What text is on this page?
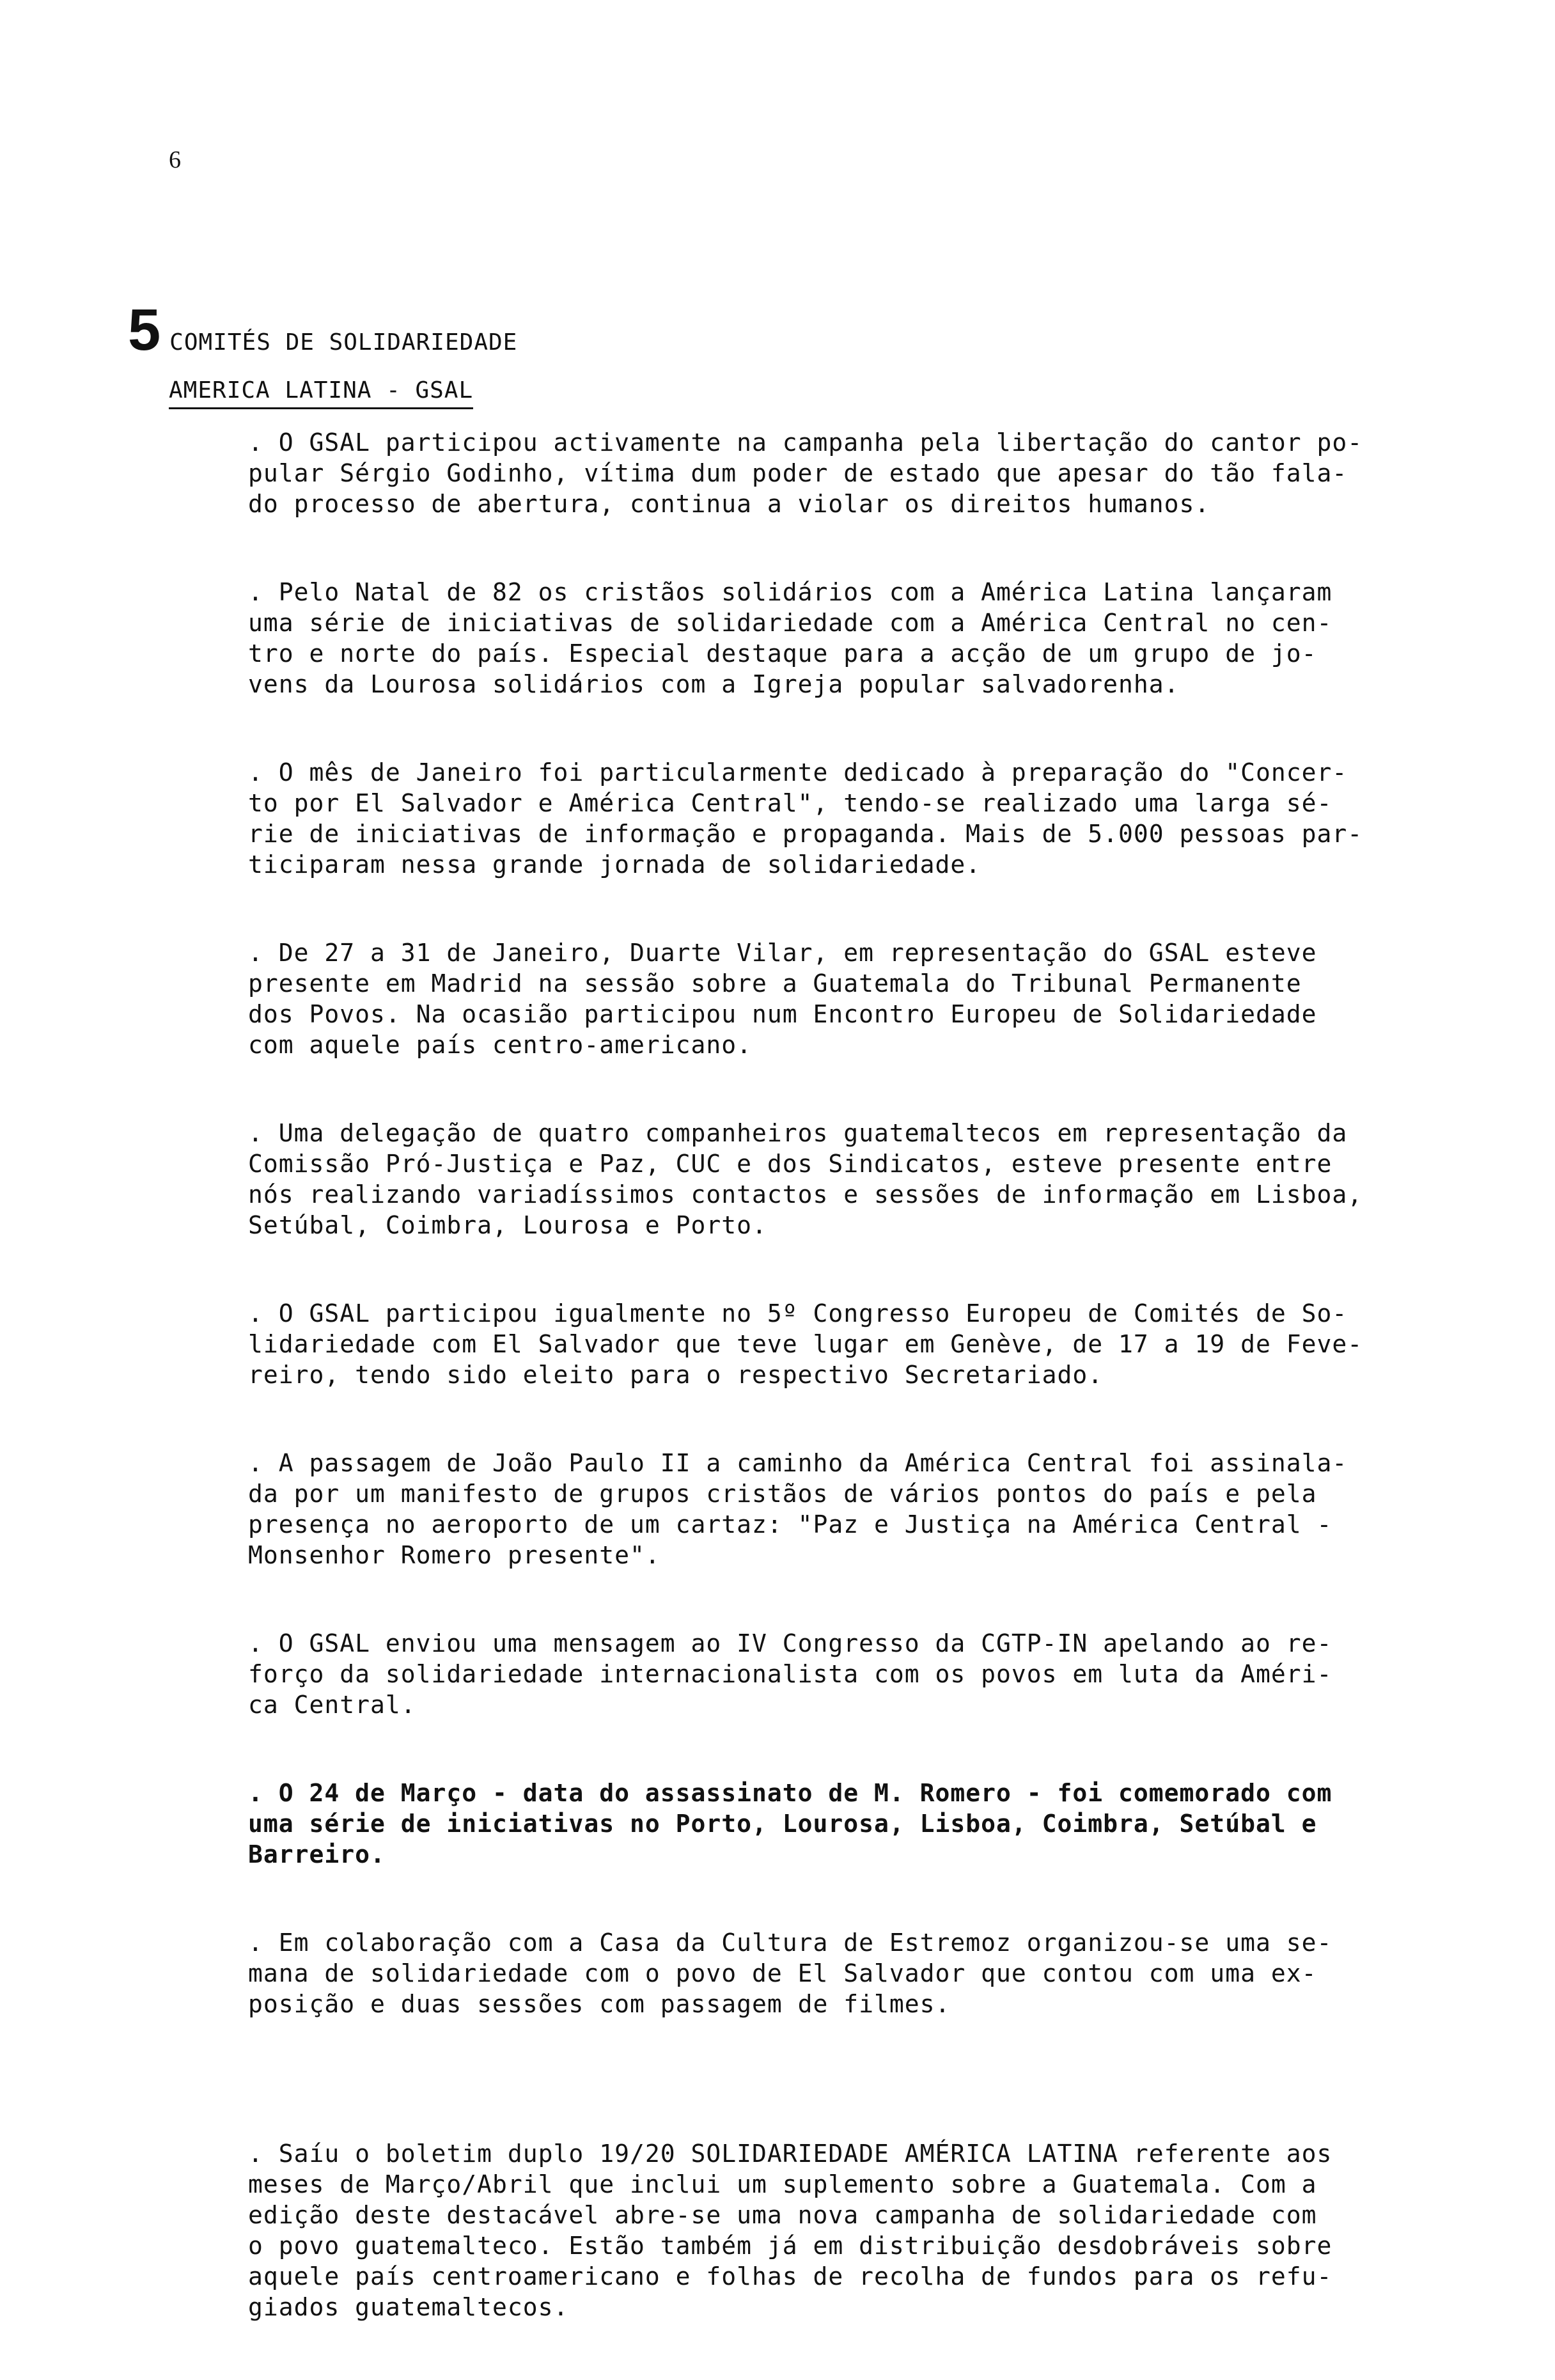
6
5 COMITÉS DE SOLIDARIEDADE
AMERICA LATINA - GSAL

. O GSAL participou activamente na campanha pela libertação do cantor po-
pular Sérgio Godinho, vítima dum poder de estado que apesar do tão fala-
do processo de abertura, continua a violar os direitos humanos.

. Pelo Natal de 82 os cristãos solidários com a América Latina lançaram
uma série de iniciativas de solidariedade com a América Central no cen-
tro e norte do país. Especial destaque para a acção de um grupo de jo-
vens da Lourosa solidários com a Igreja popular salvadorenha.

. O mês de Janeiro foi particularmente dedicado à preparação do "Concer-
to por El Salvador e América Central", tendo-se realizado uma larga sé-
rie de iniciativas de informação e propaganda. Mais de 5.000 pessoas par-
ticiparam nessa grande jornada de solidariedade.

. De 27 a 31 de Janeiro, Duarte Vilar, em representação do GSAL esteve
presente em Madrid na sessão sobre a Guatemala do Tribunal Permanente
dos Povos. Na ocasião participou num Encontro Europeu de Solidariedade
com aquele país centro-americano.

. Uma delegação de quatro companheiros guatemaltecos em representação da
Comissão Pró-Justiça e Paz, CUC e dos Sindicatos, esteve presente entre
nós realizando variadíssimos contactos e sessões de informação em Lisboa,
Setúbal, Coimbra, Lourosa e Porto.

. O GSAL participou igualmente no 5º Congresso Europeu de Comités de So-
lidariedade com El Salvador que teve lugar em Genève, de 17 a 19 de Feve-
reiro, tendo sido eleito para o respectivo Secretariado.

. A passagem de João Paulo II a caminho da América Central foi assinala-
da por um manifesto de grupos cristãos de vários pontos do país e pela
presença no aeroporto de um cartaz: "Paz e Justiça na América Central -
Monsenhor Romero presente".

. O GSAL enviou uma mensagem ao IV Congresso da CGTP-IN apelando ao re-
forço da solidariedade internacionalista com os povos em luta da Améri-
ca Central.

. O 24 de Março - data do assassinato de M. Romero - foi comemorado com
uma série de iniciativas no Porto, Lourosa, Lisboa, Coimbra, Setúbal e
Barreiro.

. Em colaboração com a Casa da Cultura de Estremoz organizou-se uma se-
mana de solidariedade com o povo de El Salvador que contou com uma ex-
posição e duas sessões com passagem de filmes.

. Saíu o boletim duplo 19/20 SOLIDARIEDADE AMÉRICA LATINA referente aos
meses de Março/Abril que inclui um suplemento sobre a Guatemala. Com a
edição deste destacável abre-se uma nova campanha de solidariedade com
o povo guatemalteco. Estão também já em distribuição desdobráveis sobre
aquele país centroamericano e folhas de recolha de fundos para os refu-
giados guatemaltecos.
